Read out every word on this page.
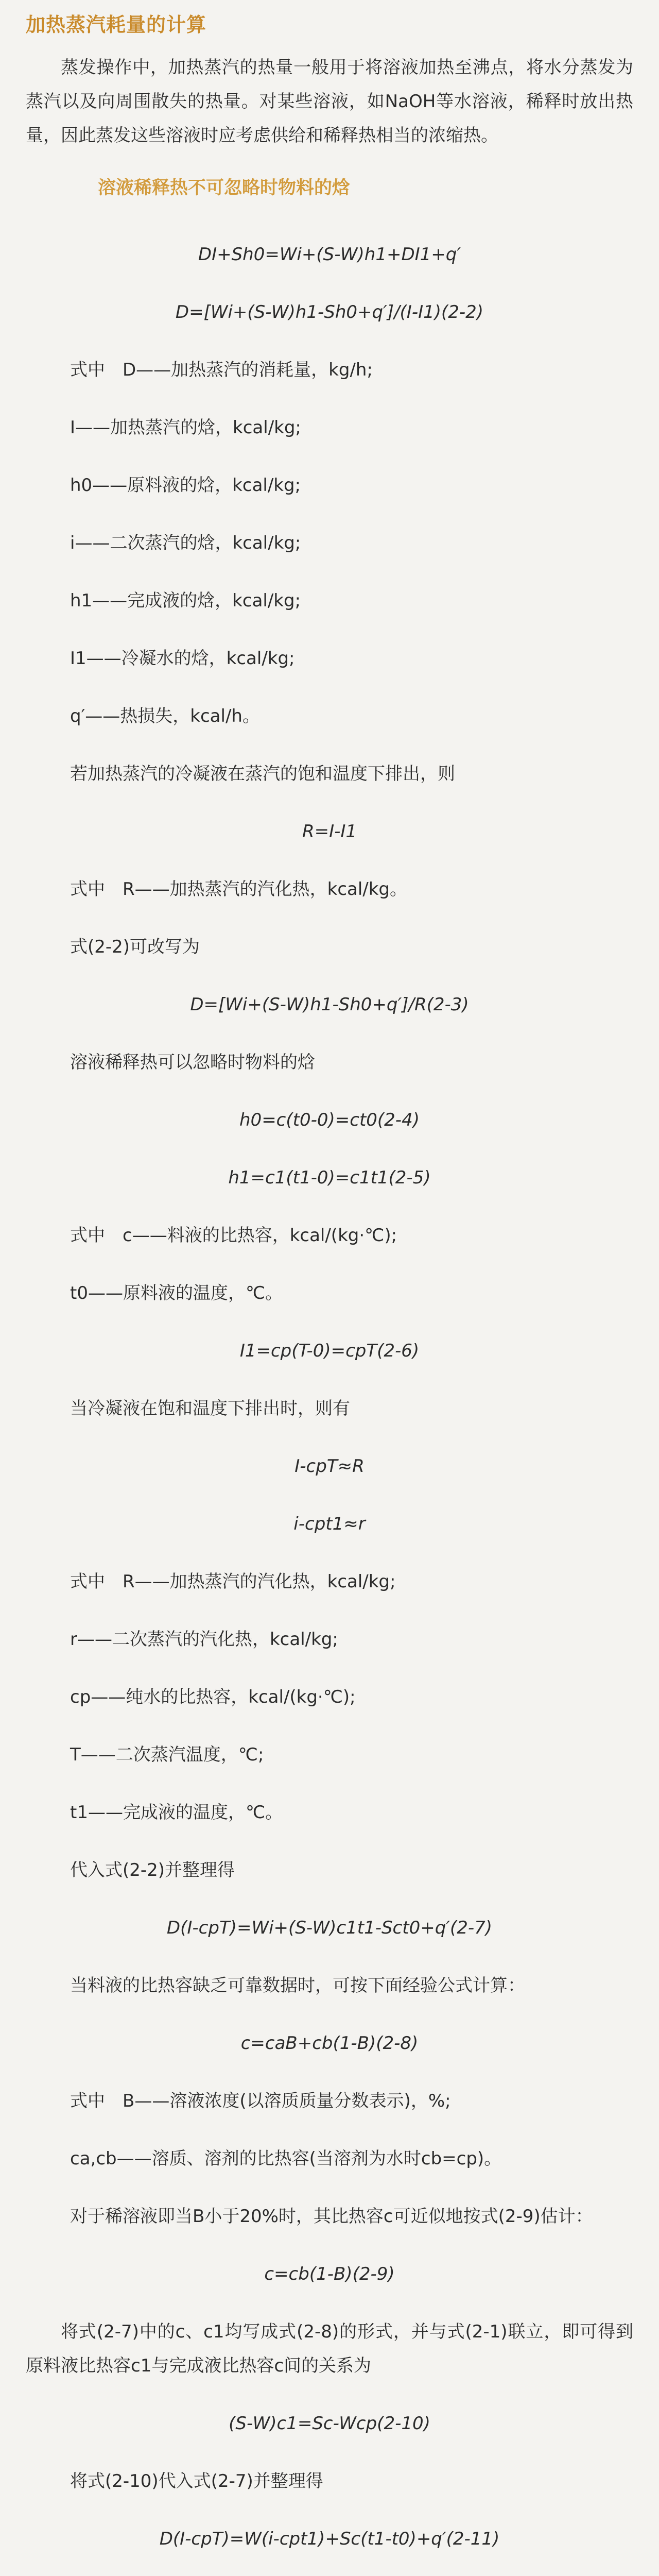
加热蒸汽耗量的计算

蒸发操作中，加热蒸汽的热量一般用于将溶液加热至沸点，将水分蒸发为蒸汽以及向周围散失的热量。对某些溶液，如NaOH等水溶液，稀释时放出热量，因此蒸发这些溶液时应考虑供给和稀释热相当的浓缩热。

溶液稀释热不可忽略时物料的焓
DI+Sh0=Wi+(S-W)h1+DI1+q′
D=[Wi+(S-W)h1-Sh0+q′]/(I-I1)(2-2)
式中　D——加热蒸汽的消耗量，kg/h;
I——加热蒸汽的焓，kcal/kg;
h0——原料液的焓，kcal/kg;
i——二次蒸汽的焓，kcal/kg;
h1——完成液的焓，kcal/kg;
I1——冷凝水的焓，kcal/kg;
q′——热损失，kcal/h。
若加热蒸汽的冷凝液在蒸汽的饱和温度下排出，则
R=I-I1
式中　R——加热蒸汽的汽化热，kcal/kg。
式(2-2)可改写为
D=[Wi+(S-W)h1-Sh0+q′]/R(2-3)
溶液稀释热可以忽略时物料的焓
h0=c(t0-0)=ct0(2-4)
h1=c1(t1-0)=c1t1(2-5)
式中　c——料液的比热容，kcal/(kg·℃);
t0——原料液的温度，℃。
I1=cp(T-0)=cpT(2-6)
当冷凝液在饱和温度下排出时，则有
I-cpT≈R
i-cpt1≈r
式中　R——加热蒸汽的汽化热，kcal/kg;
r——二次蒸汽的汽化热，kcal/kg;
cp——纯水的比热容，kcal/(kg·℃);
T——二次蒸汽温度，℃;
t1——完成液的温度，℃。
代入式(2-2)并整理得
D(I-cpT)=Wi+(S-W)c1t1-Sct0+q′(2-7)
当料液的比热容缺乏可靠数据时，可按下面经验公式计算：
c=caB+cb(1-B)(2-8)
式中　B——溶液浓度(以溶质质量分数表示)，%;
ca,cb——溶质、溶剂的比热容(当溶剂为水时cb=cp)。
对于稀溶液即当B小于20%时，其比热容c可近似地按式(2-9)估计：
c=cb(1-B)(2-9)

将式(2-7)中的c、c1均写成式(2-8)的形式，并与式(2-1)联立，即可得到原料液比热容c1与完成液比热容c间的关系为

(S-W)c1=Sc-Wcp(2-10)
将式(2-10)代入式(2-7)并整理得
D(I-cpT)=W(i-cpt1)+Sc(t1-t0)+q′(2-11)
